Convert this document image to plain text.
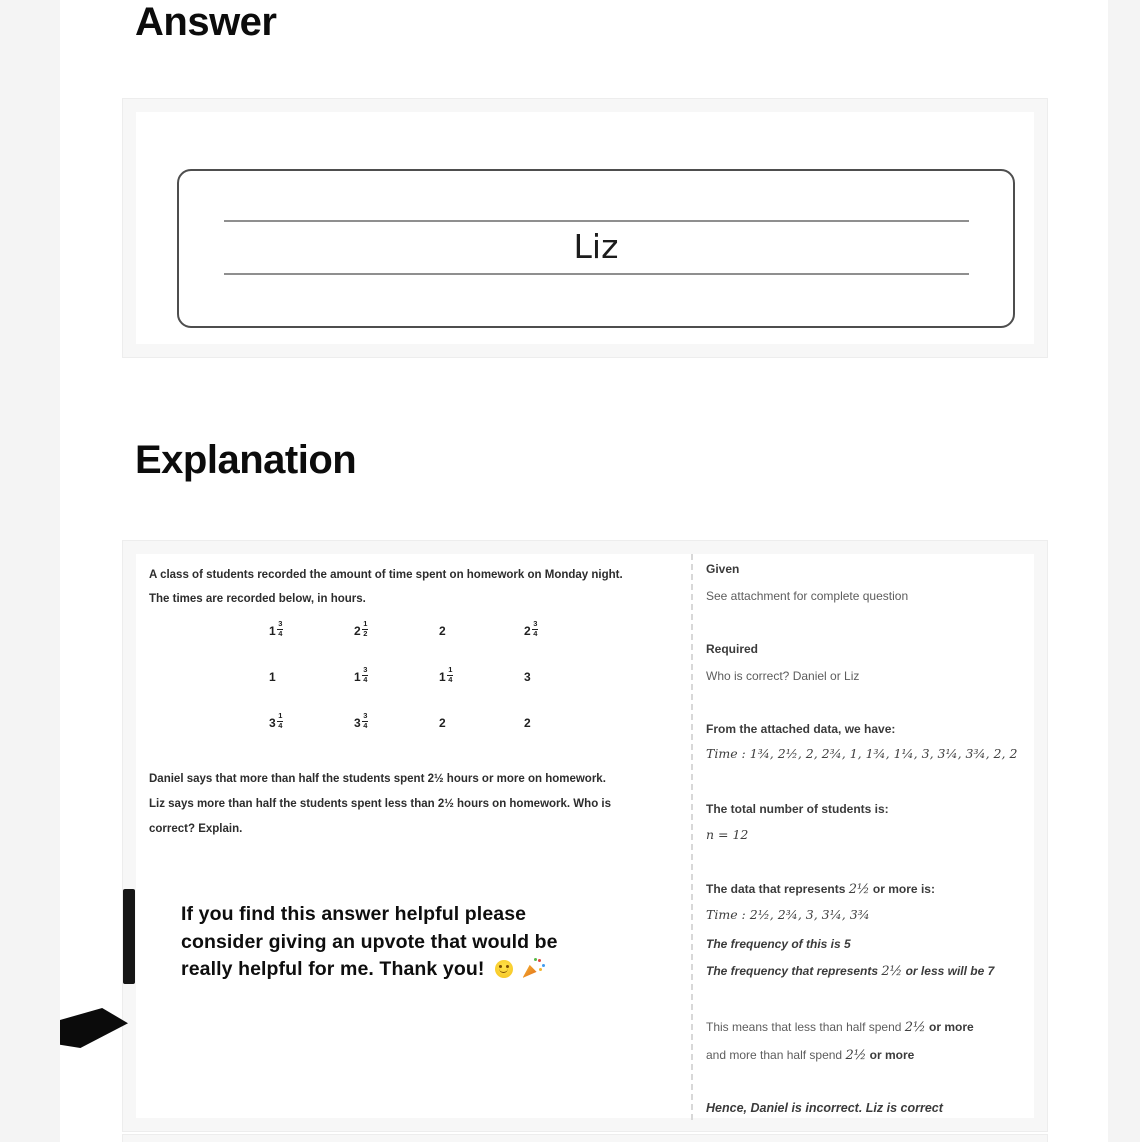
Answer
Liz
Explanation
A class of students recorded the amount of time spent on homework on Monday night.
The times are recorded below, in hours.
$1 \frac{3}{4}$	$2 \frac{1}{2}$	2	$2 \frac{3}{4}$
1	$1 \frac{3}{4}$	$1 \frac{1}{4}$	3
$3 \frac{1}{4}$	$3 \frac{3}{4}$	2	2
Daniel says that more than half the students spent 2½ hours or more on homework.
Liz says more than half the students spent less than 2½ hours on homework. Who is
correct? Explain.
If you find this answer helpful please
consider giving an upvote that would be
really helpful for me. Thank you!
Given

See attachment for complete question

Required

Who is correct? Daniel or Liz

From the attached data, we have:

Time : 1¾, 2½, 2, 2¾, 1, 1¾, 1¼, 3, 3¼, 3¾, 2, 2

The total number of students is:

n = 12

The data that represents 2½ or more is:

Time : 2½, 2¾, 3, 3¼, 3¾

The frequency of this is 5

The frequency that represents 2½ or less will be 7

This means that less than half spend 2½ or more

and more than half spend 2½ or more

Hence, Daniel is incorrect. Liz is correct
